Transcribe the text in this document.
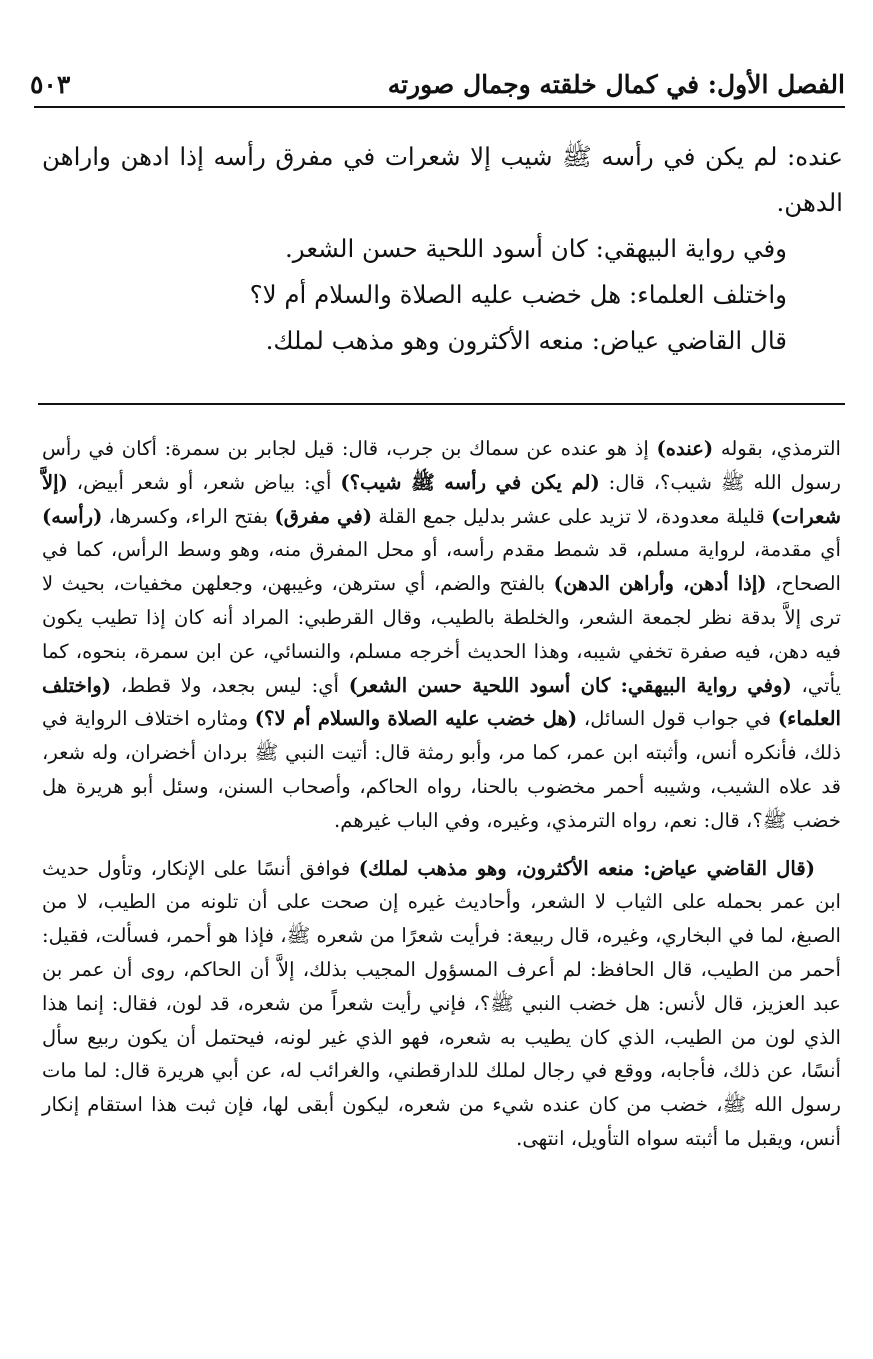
الفصل الأول: في كمال خلقته وجمال صورته
٥٠٣

عنده: لم يكن في رأسه ﷺ شيب إلا شعرات في مفرق رأسه إذا ادهن واراهن الدهن.

وفي رواية البيهقي: كان أسود اللحية حسن الشعر.

واختلف العلماء: هل خضب عليه الصلاة والسلام أم لا؟

قال القاضي عياض: منعه الأكثرون وهو مذهب لملك.

الترمذي، بقوله (عنده) إذ هو عنده عن سماك بن جرب، قال: قيل لجابر بن سمرة: أكان في رأس رسول الله ﷺ شيب؟، قال: (لم يكن في رأسه ﷺ شيب؟) أي: بياض شعر، أو شعر أبيض، (إلاَّ شعرات) قليلة معدودة، لا تزيد على عشر بدليل جمع القلة (في مفرق) بفتح الراء، وكسرها، (رأسه) أي مقدمة، لرواية مسلم، قد شمط مقدم رأسه، أو محل المفرق منه، وهو وسط الرأس، كما في الصحاح، (إذا أدهن، وأراهن الدهن) بالفتح والضم، أي سترهن، وغيبهن، وجعلهن مخفيات، بحيث لا ترى إلاَّ بدقة نظر لجمعة الشعر، والخلطة بالطيب، وقال القرطبي: المراد أنه كان إذا تطيب يكون فيه دهن، فيه صفرة تخفي شيبه، وهذا الحديث أخرجه مسلم، والنسائي، عن ابن سمرة، بنحوه، كما يأتي، (وفي رواية البيهقي: كان أسود اللحية حسن الشعر) أي: ليس بجعد، ولا قطط، (واختلف العلماء) في جواب قول السائل، (هل خضب عليه الصلاة والسلام أم لا؟) ومثاره اختلاف الرواية في ذلك، فأنكره أنس، وأثبته ابن عمر، كما مر، وأبو رمثة قال: أتيت النبي ﷺ بردان أخضران، وله شعر، قد علاه الشيب، وشيبه أحمر مخضوب بالحنا، رواه الحاكم، وأصحاب السنن، وسئل أبو هريرة هل خضب ﷺ؟، قال: نعم، رواه الترمذي، وغيره، وفي الباب غيرهم.

(قال القاضي عياض: منعه الأكثرون، وهو مذهب لملك) فوافق أنسًا على الإنكار، وتأول حديث ابن عمر بحمله على الثياب لا الشعر، وأحاديث غيره إن صحت على أن تلونه من الطيب، لا من الصبغ، لما في البخاري، وغيره، قال ربيعة: فرأيت شعرًا من شعره ﷺ، فإذا هو أحمر، فسألت، فقيل: أحمر من الطيب، قال الحافظ: لم أعرف المسؤول المجيب بذلك، إلاَّ أن الحاكم، روى أن عمر بن عبد العزيز، قال لأنس: هل خضب النبي ﷺ؟، فإني رأيت شعراً من شعره، قد لون، فقال: إنما هذا الذي لون من الطيب، الذي كان يطيب به شعره، فهو الذي غير لونه، فيحتمل أن يكون ربيع سأل أنسًا، عن ذلك، فأجابه، ووقع في رجال لملك للدارقطني، والغرائب له، عن أبي هريرة قال: لما مات رسول الله ﷺ، خضب من كان عنده شيء من شعره، ليكون أبقى لها، فإن ثبت هذا استقام إنكار أنس، ويقبل ما أثبته سواه التأويل، انتهى.
